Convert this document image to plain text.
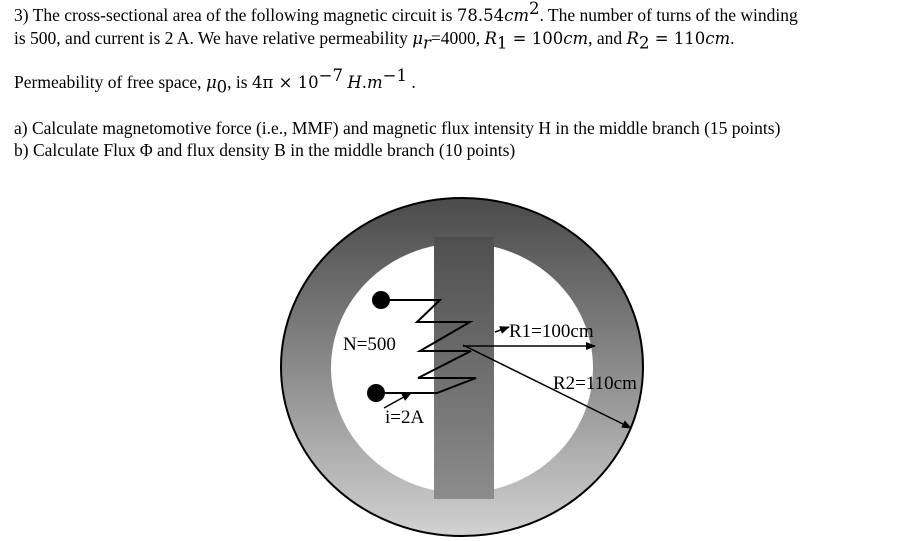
3) The cross-sectional area of the following magnetic circuit is $78.54cm^2$. The number of turns of the winding
is 500, and current is 2 A. We have relative permeability $\mu_r=4000$, $R_1 = 100cm$, and $R_2 = 110cm$.
Permeability of free space, $\mu_0$, is $4\pi \times 10^{-7}$ $H.m^{-1}$ .
a) Calculate magnetomotive force (i.e., MMF) and magnetic flux intensity H in the middle branch (15 points)
b) Calculate Flux Φ and flux density B in the middle branch (10 points)
N=500
i=2A
R1=100cm
R2=110cm
